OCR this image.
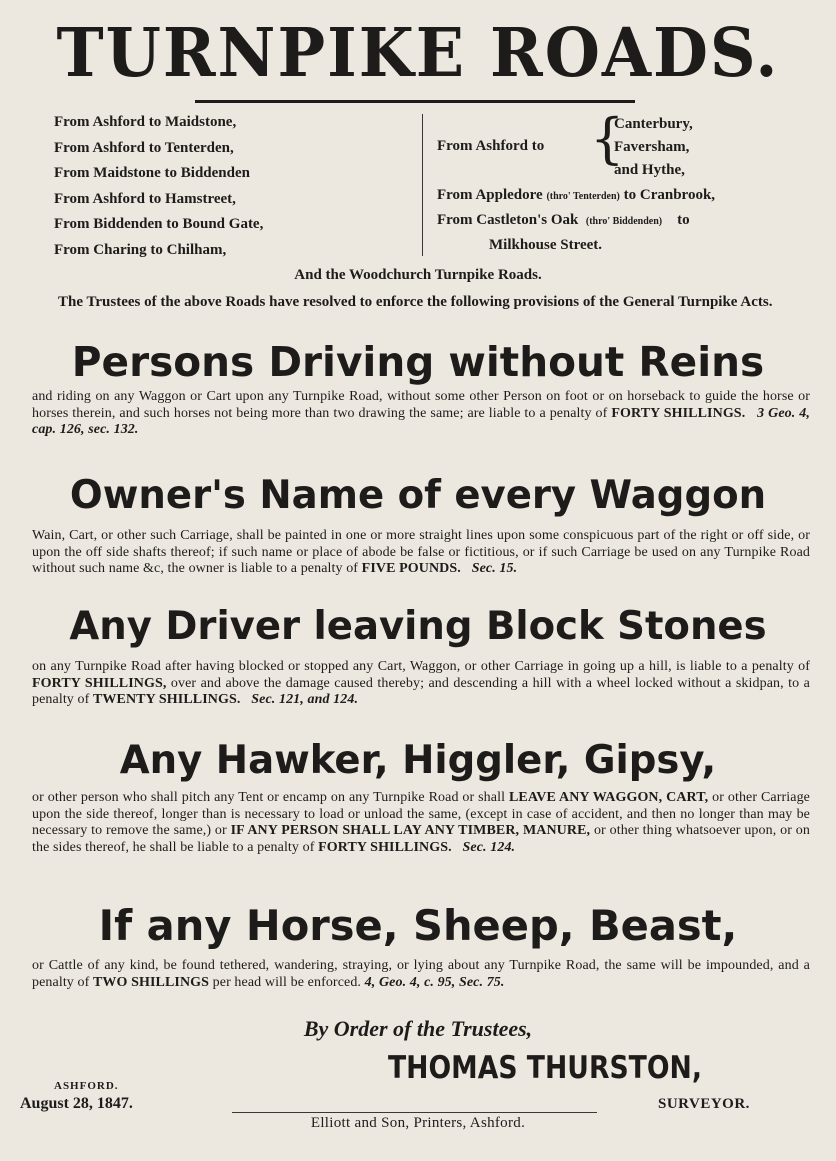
TURNPIKE ROADS.
From Ashford to Maidstone,
From Ashford to Tenterden,
From Maidstone to Biddenden
From Ashford to Hamstreet,
From Biddenden to Bound Gate,
From Charing to Chilham,
From Ashford to {
Canterbury,
Faversham,
and Hythe,
From Appledore (thro' Tenterden) to Cranbrook,
From Castleton's Oak (thro' Biddenden) to
Milkhouse Street.
And the Woodchurch Turnpike Roads.
The Trustees of the above Roads have resolved to enforce the following provisions of the General Turnpike Acts.
Persons Driving without Reins
and riding on any Waggon or Cart upon any Turnpike Road, without some other Person on foot or on horseback to guide the horse or horses therein, and such horses not being more than two drawing the same; are liable to a penalty of FORTY SHILLINGS. 3 Geo. 4, cap. 126, sec. 132.
Owner's Name of every Waggon
Wain, Cart, or other such Carriage, shall be painted in one or more straight lines upon some conspicuous part of the right or off side, or upon the off side shafts thereof; if such name or place of abode be false or fictitious, or if such Carriage be used on any Turnpike Road without such name &c, the owner is liable to a penalty of FIVE POUNDS. Sec. 15.
Any Driver leaving Block Stones
on any Turnpike Road after having blocked or stopped any Cart, Waggon, or other Carriage in going up a hill, is liable to a penalty of FORTY SHILLINGS, over and above the damage caused thereby; and descending a hill with a wheel locked without a skidpan, to a penalty of TWENTY SHILLINGS. Sec. 121, and 124.
Any Hawker, Higgler, Gipsy,
or other person who shall pitch any Tent or encamp on any Turnpike Road or shall LEAVE ANY WAGGON, CART, or other Carriage upon the side thereof, longer than is necessary to load or unload the same, (except in case of accident, and then no longer than may be necessary to remove the same,) or IF ANY PERSON SHALL LAY ANY TIMBER, MANURE, or other thing whatsoever upon, or on the sides thereof, he shall be liable to a penalty of FORTY SHILLINGS. Sec. 124.
If any Horse, Sheep, Beast,
or Cattle of any kind, be found tethered, wandering, straying, or lying about any Turnpike Road, the same will be impounded, and a penalty of TWO SHILLINGS per head will be enforced. 4, Geo. 4, c. 95, Sec. 75.
By Order of the Trustees,
THOMAS THURSTON,
ASHFORD.
August 28, 1847.	SURVEYOR.
Elliott and Son, Printers, Ashford.
